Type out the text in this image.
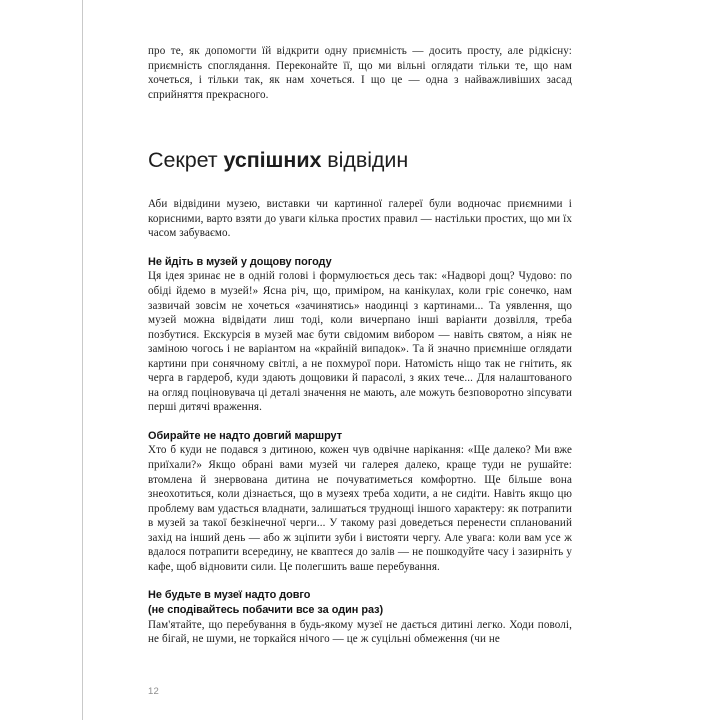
про те, як допомогти їй відкрити одну приємність — досить просту, але рідкісну: приємність споглядання. Переконайте її, що ми вільні оглядати тільки те, що нам хочеться, і тільки так, як нам хочеться. І що це — одна з найважливіших засад сприйняття прекрасного.

Секрет успішних відвідин

Аби відвідини музею, виставки чи картинної галереї були водночас приємними і корисними, варто взяти до уваги кілька простих правил — настільки простих, що ми їх часом забуваємо.

Не йдіть в музей у дощову погоду

Ця ідея зринає не в одній голові і формулюється десь так: «Надворі дощ? Чудово: по обіді йдемо в музей!» Ясна річ, що, приміром, на канікулах, коли гріє сонечко, нам зазвичай зовсім не хочеться «зачинятись» наодинці з картинами... Та уявлення, що музей можна відвідати лиш тоді, коли вичерпано інші варіанти дозвілля, треба позбутися. Екскурсія в музей має бути свідомим вибором — навіть святом, а ніяк не заміною чогось і не варіантом на «крайній випадок». Та й значно приємніше оглядати картини при сонячному світлі, а не похмурої пори. Натомість ніщо так не гнітить, як черга в гардероб, куди здають дощовики й парасолі, з яких тече... Для налаштованого на огляд поціновувача ці деталі значення не мають, але можуть безповоротно зіпсувати перші дитячі враження.

Обирайте не надто довгий маршрут

Хто б куди не подався з дитиною, кожен чув одвічне нарікання: «Ще далеко? Ми вже приїхали?» Якщо обрані вами музей чи галерея далеко, краще туди не рушайте: втомлена й знервована дитина не почуватиметься комфортно. Ще більше вона знеохотиться, коли дізнається, що в музеях треба ходити, а не сидіти. Навіть якщо цю проблему вам удасться владнати, залишаться труднощі іншого характеру: як потрапити в музей за такої безкінечної черги... У такому разі доведеться перенести спланований захід на інший день — або ж зціпити зуби і вистояти чергу. Але увага: коли вам усе ж вдалося потрапити всередину, не квaптеся до залів — не пошкодуйте часу і зазирніть у кафе, щоб відновити сили. Це полегшить ваше перебування.

Не будьте в музеї надто довго
(не сподівайтесь побачити все за один раз)

Пам'ятайте, що перебування в будь-якому музеї не дається дитині легко. Ходи поволі, не бігай, не шуми, не торкайся нічого — це ж суцільні обмеження (чи не

12
